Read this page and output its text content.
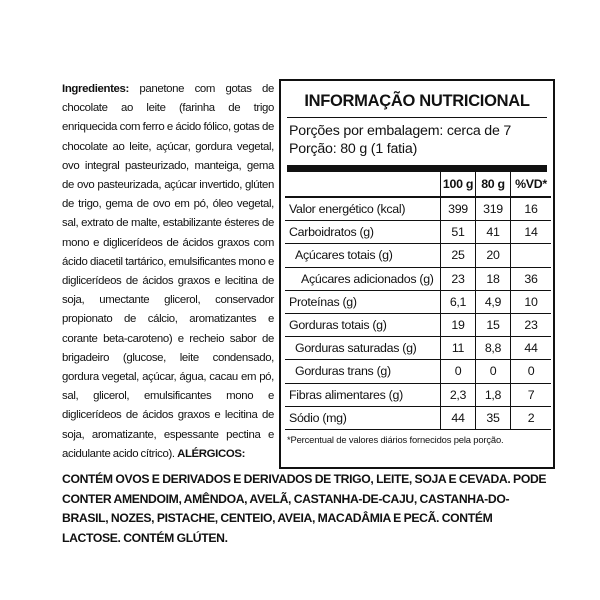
Ingredientes: panetone com gotas de chocolate ao leite (farinha de trigo enriquecida com ferro e ácido fólico, gotas de chocolate ao leite, açúcar, gordura vegetal, ovo integral pasteurizado, manteiga, gema de ovo pasteurizada, açúcar invertido, glúten de trigo, gema de ovo em pó, óleo vegetal, sal, extrato de malte, estabilizante ésteres de mono e diglicerídeos de ácidos graxos com ácido diacetil tartárico, emulsificantes mono e diglicerídeos de ácidos graxos e lecitina de soja, umectante glicerol, conservador propionato de cálcio, aromatizantes e corante beta-caroteno) e recheio sabor de brigadeiro (glucose, leite condensado, gordura vegetal, açúcar, água, cacau em pó, sal, glicerol, emulsificantes mono e diglicerídeos de ácidos graxos e lecitina de soja, aromatizante, espessante pectina e acidulante acido cítrico). ALÉRGICOS:
CONTÉM OVOS E DERIVADOS E DERIVADOS DE TRIGO, LEITE, SOJA E CEVADA. PODE CONTER AMENDOIM, AMÊNDOA, AVELÃ, CASTANHA-DE-CAJU, CASTANHA-DO-BRASIL, NOZES, PISTACHE, CENTEIO, AVEIA, MACADÂMIA E PECÃ. CONTÉM LACTOSE. CONTÉM GLÚTEN.
INFORMAÇÃO NUTRICIONAL
Porções por embalagem: cerca de 7
Porção: 80 g (1 fatia)
	100 g	80 g	%VD*
Valor energético (kcal)	399	319	16
Carboidratos (g)	51	41	14
Açúcares totais (g)	25	20	
Açúcares adicionados (g)	23	18	36
Proteínas (g)	6,1	4,9	10
Gorduras totais (g)	19	15	23
Gorduras saturadas (g)	11	8,8	44
Gorduras trans (g)	0	0	0
Fibras alimentares (g)	2,3	1,8	7
Sódio (mg)	44	35	2
*Percentual de valores diários fornecidos pela porção.
